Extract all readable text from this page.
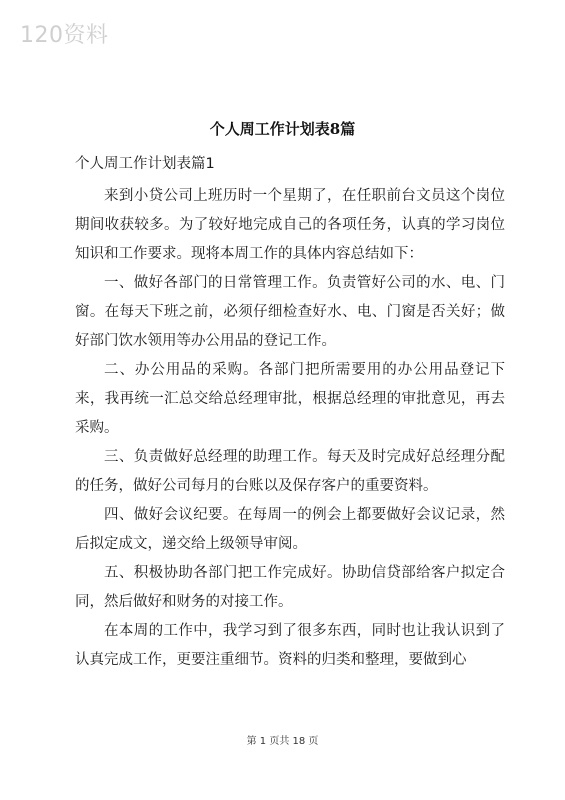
120资料
个人周工作计划表8篇
个人周工作计划表篇1

来到小贷公司上班历时一个星期了，在任职前台文员这个岗位期间收获较多。为了较好地完成自己的各项任务，认真的学习岗位知识和工作要求。现将本周工作的具体内容总结如下：

一、做好各部门的日常管理工作。负责管好公司的水、电、门窗。在每天下班之前，必须仔细检查好水、电、门窗是否关好；做好部门饮水领用等办公用品的登记工作。

二、办公用品的采购。各部门把所需要用的办公用品登记下来，我再统一汇总交给总经理审批，根据总经理的审批意见，再去采购。

三、负责做好总经理的助理工作。每天及时完成好总经理分配的任务，做好公司每月的台账以及保存客户的重要资料。

四、做好会议纪要。在每周一的例会上都要做好会议记录，然后拟定成文，递交给上级领导审阅。

五、积极协助各部门把工作完成好。协助信贷部给客户拟定合同，然后做好和财务的对接工作。

在本周的工作中，我学习到了很多东西，同时也让我认识到了认真完成工作，更要注重细节。资料的归类和整理，要做到心

第 1 页共 18 页
